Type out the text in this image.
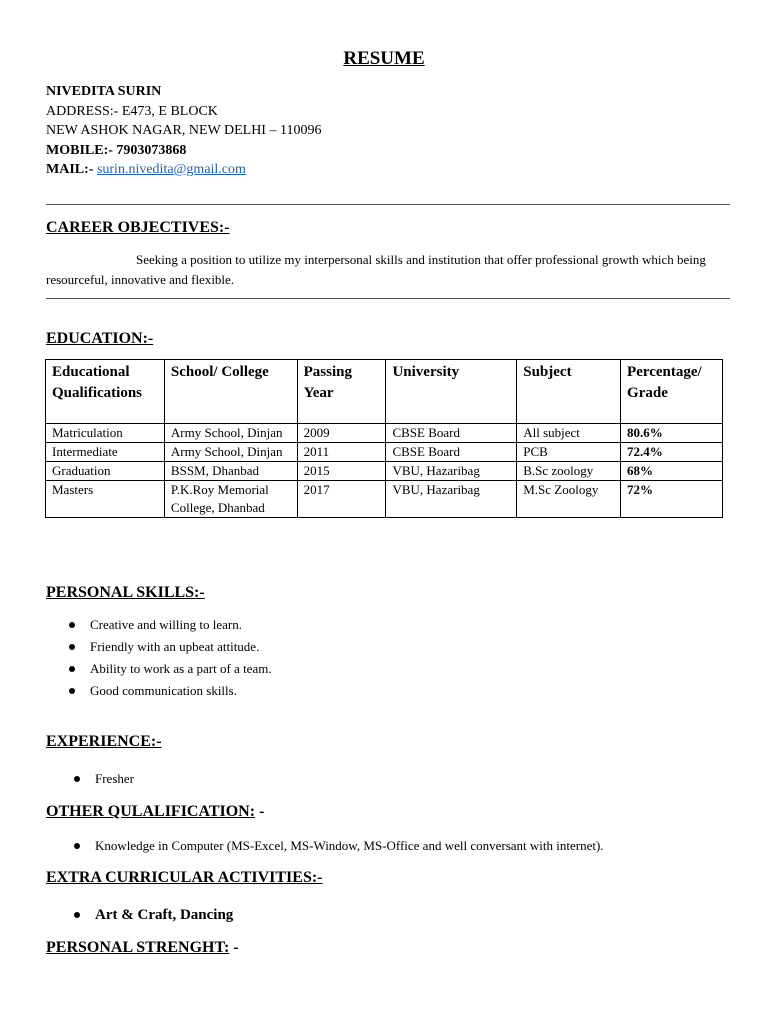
RESUME
NIVEDITA SURIN
ADDRESS:- E473, E BLOCK
NEW ASHOK NAGAR, NEW DELHI – 110096
MOBILE:- 7903073868
MAIL:- surin.nivedita@gmail.com
CAREER OBJECTIVES:-
Seeking a position to utilize my interpersonal skills and institution that offer professional growth which being resourceful, innovative and flexible.
EDUCATION:-
Educational Qualifications	School/ College	Passing Year	University	Subject	Percentage/ Grade
Matriculation	Army School, Dinjan	2009	CBSE Board	All subject	80.6%
Intermediate	Army School, Dinjan	2011	CBSE Board	PCB	72.4%
Graduation	BSSM, Dhanbad	2015	VBU, Hazaribag	B.Sc zoology	68%
Masters	P.K.Roy Memorial College, Dhanbad	2017	VBU, Hazaribag	M.Sc Zoology	72%
PERSONAL SKILLS:-
Creative and willing to learn.
Friendly with an upbeat attitude.
Ability to work as a part of a team.
Good communication skills.
EXPERIENCE:-
Fresher
OTHER QULALIFICATION: -
Knowledge in Computer (MS-Excel, MS-Window, MS-Office and well conversant with internet).
EXTRA CURRICULAR ACTIVITIES:-
Art & Craft, Dancing
PERSONAL STRENGHT: -
